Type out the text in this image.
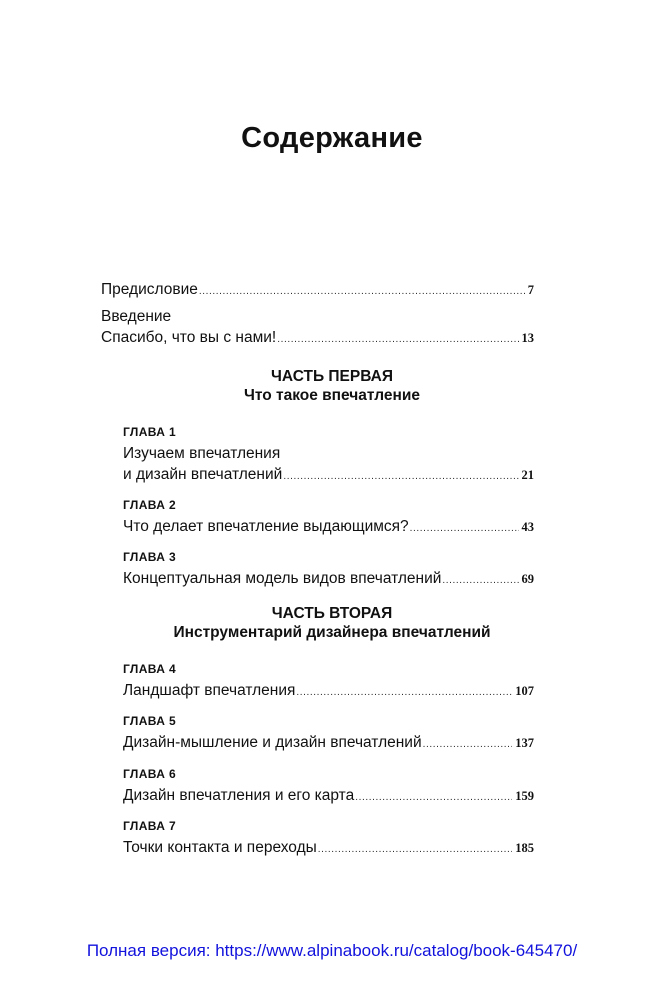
Содержание
Предисловие .....	7
Введение
Спасибо, что вы с нами! .....	13
ЧАСТЬ ПЕРВАЯ
Что такое впечатление
ГЛАВА 1
Изучаем впечатления
и дизайн впечатлений .....	21
ГЛАВА 2
Что делает впечатление выдающимся? .....	43
ГЛАВА 3
Концептуальная модель видов впечатлений .....	69
ЧАСТЬ ВТОРАЯ
Инструментарий дизайнера впечатлений
ГЛАВА 4
Ландшафт впечатления .....	107
ГЛАВА 5
Дизайн-мышление и дизайн впечатлений .....	137
ГЛАВА 6
Дизайн впечатления и его карта .....	159
ГЛАВА 7
Точки контакта и переходы .....	185
Полная версия: https://www.alpinabook.ru/catalog/book-645470/
